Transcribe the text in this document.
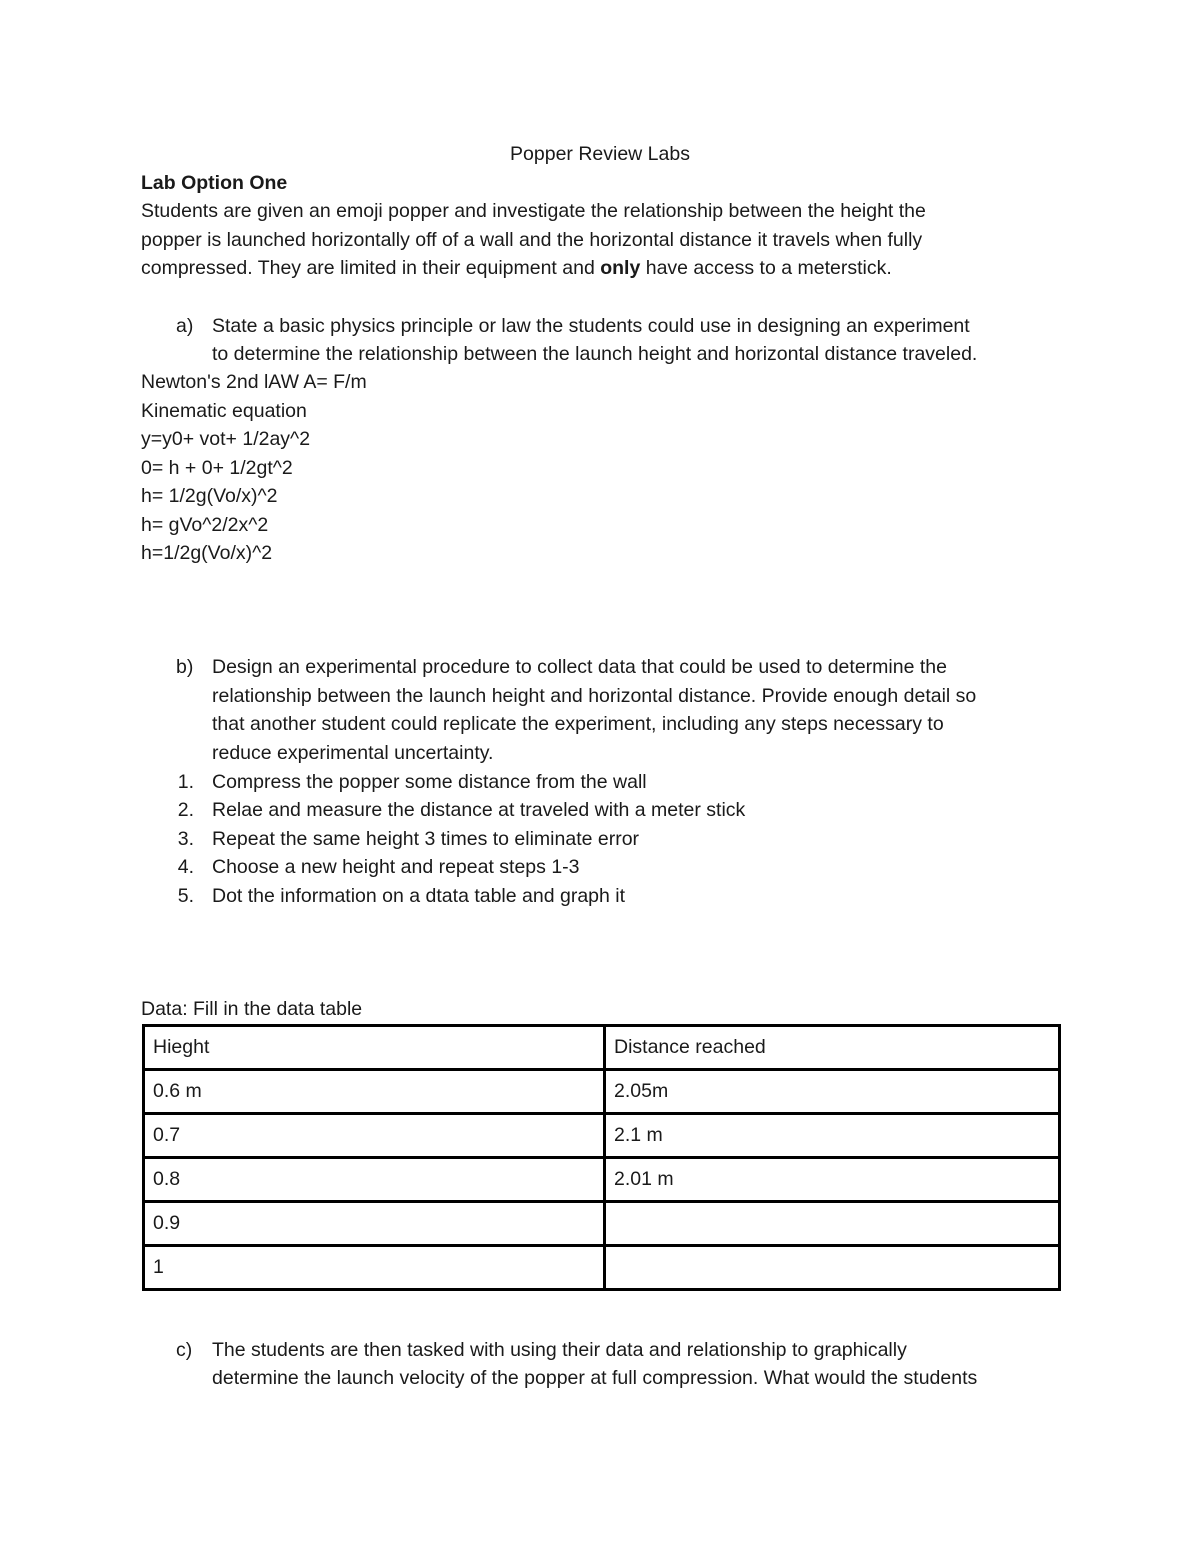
Popper Review Labs
Lab Option One
Students are given an emoji popper and investigate the relationship between the height the
popper is launched horizontally off of a wall and the horizontal distance it travels when fully
compressed. They are limited in their equipment and only have access to a meterstick.
a) State a basic physics principle or law the students could use in designing an experiment
to determine the relationship between the launch height and horizontal distance traveled.
Newton's 2nd lAW A= F/m
Kinematic equation
y=y0+ vot+ 1/2ay^2
0= h + 0+ 1/2gt^2
h= 1/2g(Vo/x)^2
h= gVo^2/2x^2
h=1/2g(Vo/x)^2
b) Design an experimental procedure to collect data that could be used to determine the
relationship between the launch height and horizontal distance. Provide enough detail so
that another student could replicate the experiment, including any steps necessary to
reduce experimental uncertainty.
1. Compress the popper some distance from the wall
2. Relae and measure the distance at traveled with a meter stick
3. Repeat the same height 3 times to eliminate error
4. Choose a new height and repeat steps 1-3
5. Dot the information on a dtata table and graph it
Data: Fill in the data table
Hieght	Distance reached
0.6 m	2.05m
0.7	2.1 m
0.8	2.01 m
0.9	
1	
c) The students are then tasked with using their data and relationship to graphically
determine the launch velocity of the popper at full compression. What would the students
